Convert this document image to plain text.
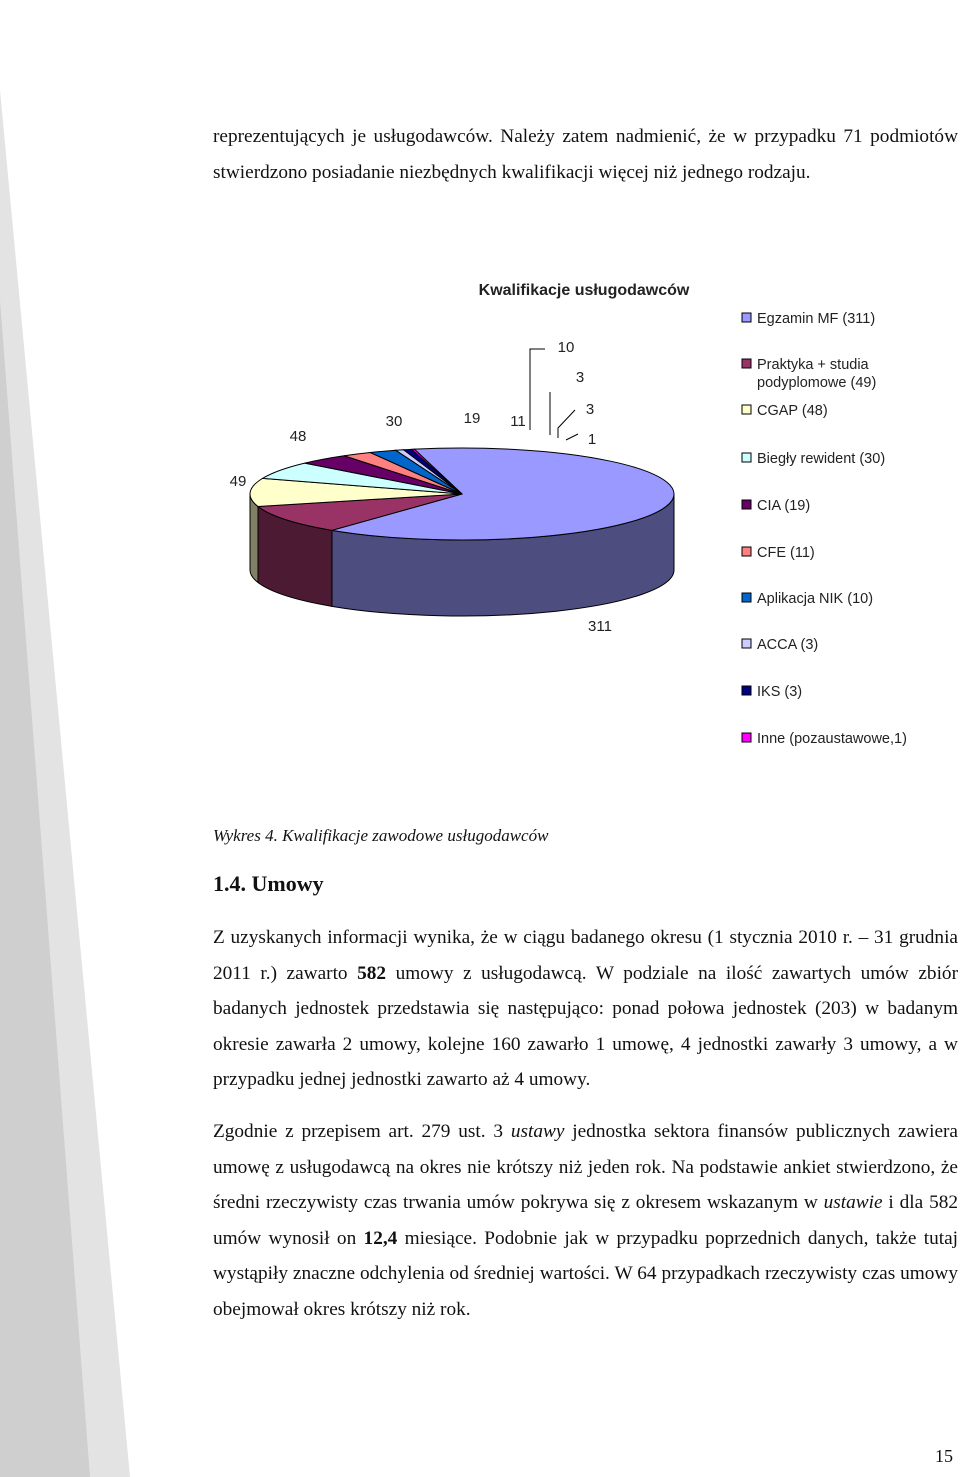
reprezentujących je usługodawców. Należy zatem nadmienić, że w przypadku 71 podmiotów stwierdzono posiadanie niezbędnych kwalifikacji więcej niż jednego rodzaju.

Kwalifikacje usługodawców
311
49
48
30	19 11
10
3
3
1
Egzamin MF (311)
Praktyka + studia podyplomowe (49)
CGAP (48)
Biegły rewident (30)
CIA (19)
CFE (11)
Aplikacja NIK (10)
ACCA (3)
IKS (3)
Inne (pozaustawowe,1)
Wykres 4. Kwalifikacje zawodowe usługodawców
1.4. Umowy

Z uzyskanych informacji wynika, że w ciągu badanego okresu (1 stycznia 2010 r. – 31 grudnia 2011 r.) zawarto 582 umowy z usługodawcą. W podziale na ilość zawartych umów zbiór badanych jednostek przedstawia się następująco: ponad połowa jednostek (203) w badanym okresie zawarła 2 umowy, kolejne 160 zawarło 1 umowę, 4 jednostki zawarły 3 umowy, a w przypadku jednej jednostki zawarto aż 4 umowy.

Zgodnie z przepisem art. 279 ust. 3 ustawy jednostka sektora finansów publicznych zawiera umowę z usługodawcą na okres nie krótszy niż jeden rok. Na podstawie ankiet stwierdzono, że średni rzeczywisty czas trwania umów pokrywa się z okresem wskazanym w ustawie i dla 582 umów wynosił on 12,4 miesiące. Podobnie jak w przypadku poprzednich danych, także tutaj wystąpiły znaczne odchylenia od średniej wartości. W 64 przypadkach rzeczywisty czas umowy obejmował okres krótszy niż rok.

15
